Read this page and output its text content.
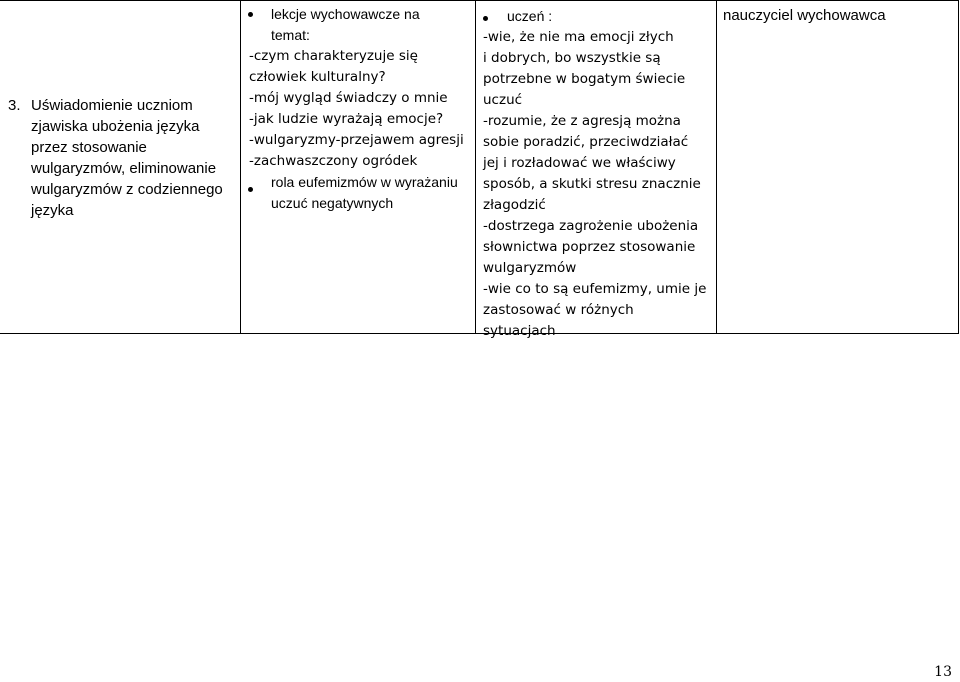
3. Uświadomienie uczniom zjawiska ubożenia języka przez stosowanie wulgaryzmów, eliminowanie wulgaryzmów z codziennego języka
lekcje wychowawcze na
temat:
-czym charakteryzuje się
człowiek kulturalny?
-mój wygląd świadczy o mnie
-jak ludzie wyrażają emocje?
-wulgaryzmy-przejawem agresji
-zachwaszczony ogródek
rola eufemizmów w wyrażaniu
uczuć negatywnych
uczeń :
-wie, że nie ma emocji złych
i dobrych, bo wszystkie są
potrzebne w bogatym świecie
uczuć
-rozumie, że z agresją można
sobie poradzić, przeciwdziałać
jej i rozładować we właściwy
sposób, a skutki stresu znacznie
złagodzić
-dostrzega zagrożenie ubożenia
słownictwa poprzez stosowanie
wulgaryzmów
-wie co to są eufemizmy, umie je
zastosować w różnych
sytuacjach
nauczyciel wychowawca
13
